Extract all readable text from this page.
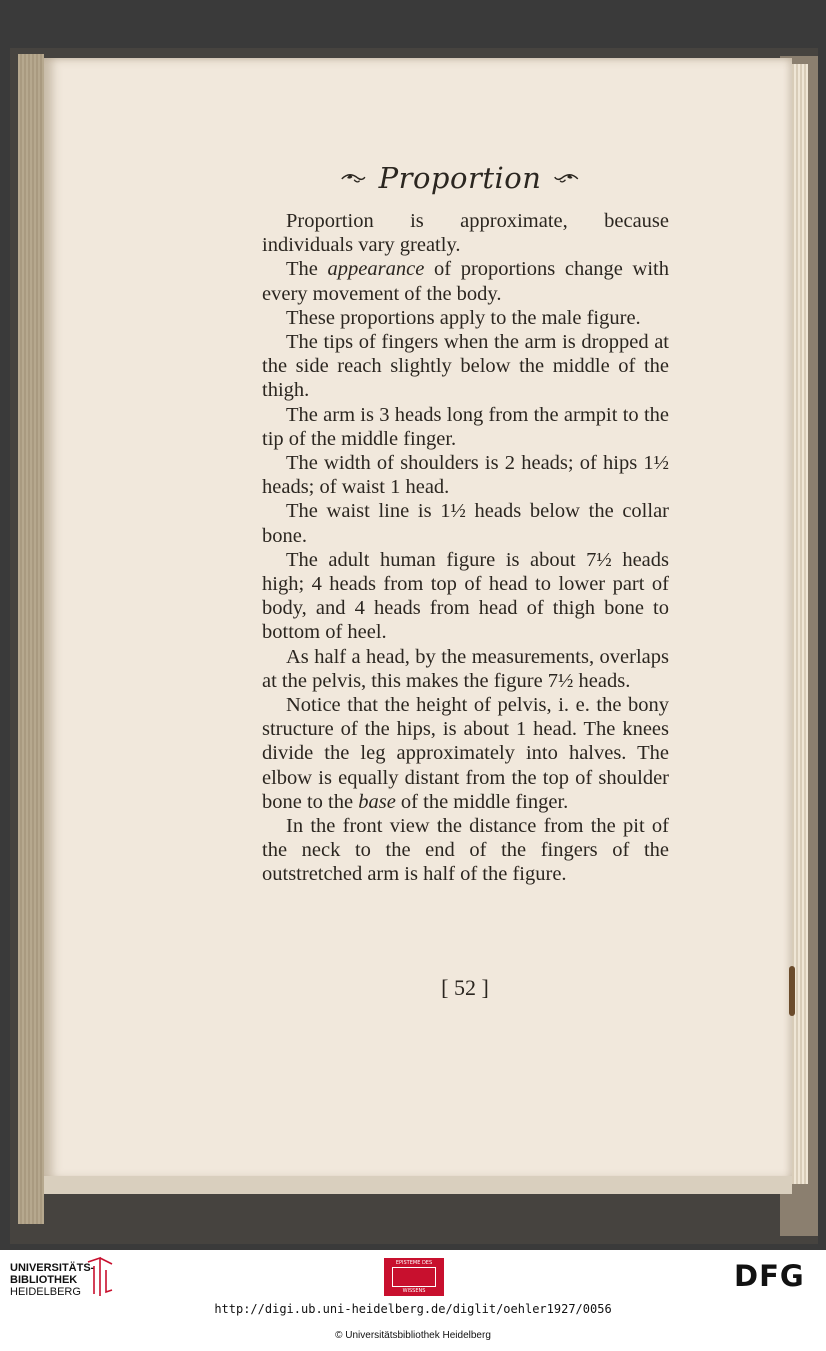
Proportion

Proportion is approximate, because individuals vary greatly.

The appearance of proportions change with every movement of the body.

These proportions apply to the male figure.

The tips of fingers when the arm is dropped at the side reach slightly below the middle of the thigh.

The arm is 3 heads long from the armpit to the tip of the middle finger.

The width of shoulders is 2 heads; of hips 1½ heads; of waist 1 head.

The waist line is 1½ heads below the collar bone.

The adult human figure is about 7½ heads high; 4 heads from top of head to lower part of body, and 4 heads from head of thigh bone to bottom of heel.

As half a head, by the measurements, overlaps at the pelvis, this makes the figure 7½ heads.

Notice that the height of pelvis, i. e. the bony structure of the hips, is about 1 head. The knees divide the leg approximately into halves. The elbow is equally distant from the top of shoulder bone to the base of the middle finger.

In the front view the distance from the pit of the neck to the end of the fingers of the outstretched arm is half of the figure.

[ 52 ]
UNIVERSITÄTS-
BIBLIOTHEK
HEIDELBERG
EPISTEME DES
WISSENS	DFG
http://digi.ub.uni-heidelberg.de/diglit/oehler1927/0056
© Universitätsbibliothek Heidelberg
